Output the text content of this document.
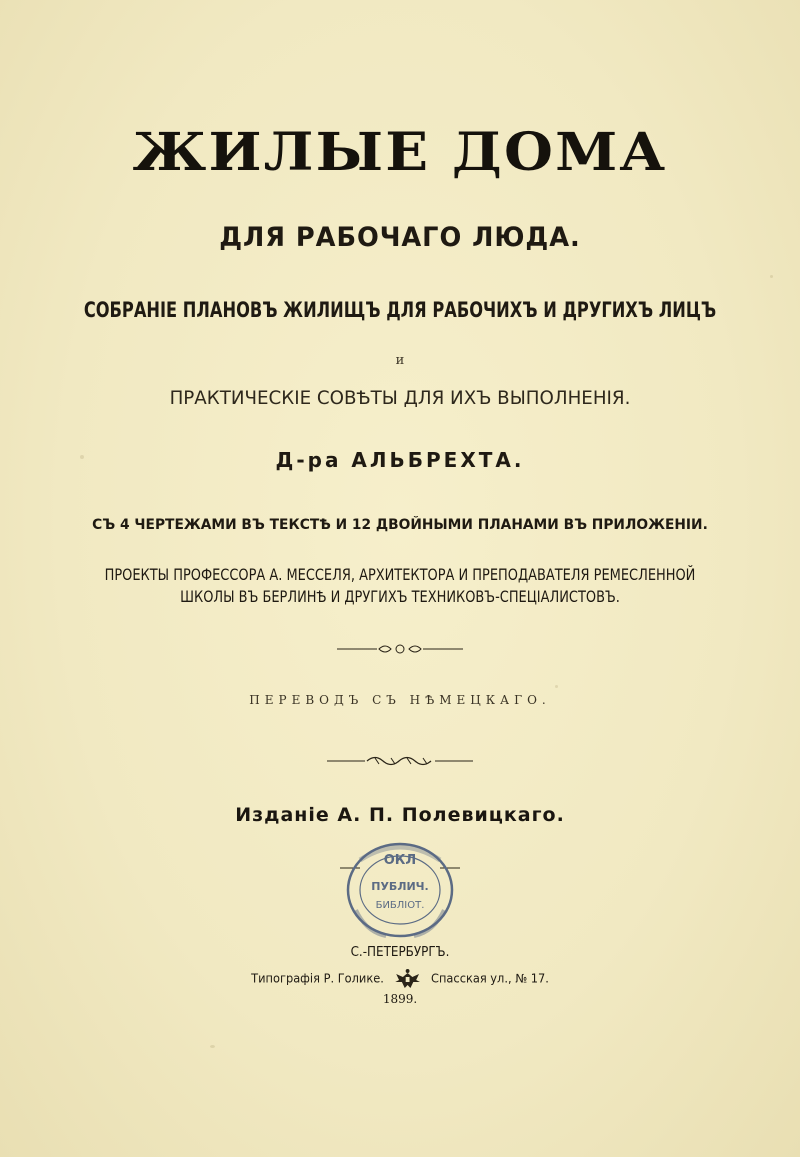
ЖИЛЫЕ ДОМА
ДЛЯ РАБОЧАГО ЛЮДА.
СОБРАНІЕ ПЛАНОВЪ ЖИЛИЩЪ ДЛЯ РАБОЧИХЪ И ДРУГИХЪ ЛИЦЪ
и
ПРАКТИЧЕСКІЕ СОВѢТЫ ДЛЯ ИХЪ ВЫПОЛНЕНІЯ.
Д-ра АЛЬБРЕХТА.
СЪ 4 ЧЕРТЕЖАМИ ВЪ ТЕКСТѢ И 12 ДВОЙНЫМИ ПЛАНАМИ ВЪ ПРИЛОЖЕНІИ.
ПРОЕКТЫ ПРОФЕССОРА А. МЕССЕЛЯ, АРХИТЕКТОРА И ПРЕПОДАВАТЕЛЯ РЕМЕСЛЕННОЙ
ШКОЛЫ ВЪ БЕРЛИНѢ И ДРУГИХЪ ТЕХНИКОВЪ-СПЕЦІАЛИСТОВЪ.
ПЕРЕВОДЪ СЪ НѢМЕЦКАГО.
Изданіе А. П. Полевицкаго.
ОКЛ
ПУБЛИЧ.
БИБЛIОТ.
С.-ПЕТЕРБУРГЪ.
Типографія Р. Голике.	Спасская ул., № 17.
1899.
